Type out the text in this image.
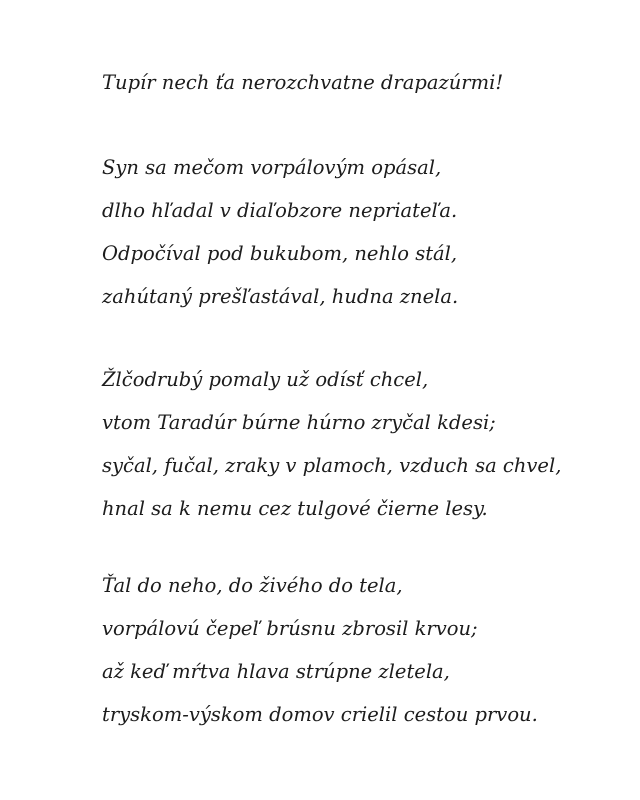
Tupír nech ťa nerozchvatne drapazúrmi!
Syn sa mečom vorpálovým opásal,
dlho hľadal v diaľobzore nepriateľa.
Odpočíval pod bukubom, nehlo stál,
zahútaný prešľastával, hudna znela.
Žlčodrubý pomaly už odísť chcel,
vtom Taradúr búrne húrno zryčal kdesi;
syčal, fučal, zraky v plamoch, vzduch sa chvel,
hnal sa k nemu cez tulgové čierne lesy.
Ťal do neho, do živého do tela,
vorpálovú čepeľ brúsnu zbrosil krvou;
až keď mŕtva hlava strúpne zletela,
tryskom-výskom domov crielil cestou prvou.
